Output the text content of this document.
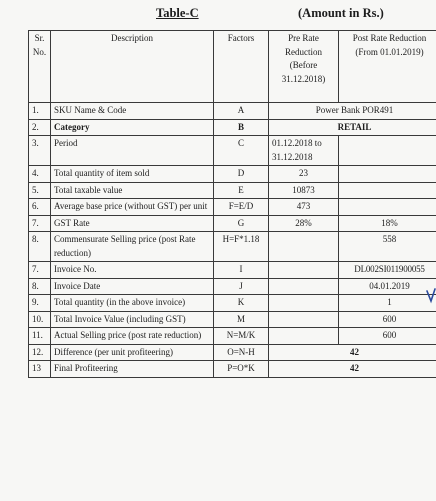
Table-C	(Amount in Rs.)
Sr. No.	Description	Factors	Pre Rate Reduction (Before 31.12.2018)	Post Rate Reduction (From 01.01.2019)
1.	SKU Name & Code	A	Power Bank POR491	
2.	Category	B	RETAIL	
3.	Period	C	01.12.2018 to 31.12.2018	
4.	Total quantity of item sold	D	23	
5.	Total taxable value	E	10873	
6.	Average base price (without GST) per unit	F=E/D	473	
7.	GST Rate	G	28%	18%
8.	Commensurate Selling price (post Rate reduction)	H=F*1.18		558
7.	Invoice No.	I		DL002SI011900055
8.	Invoice Date	J		04.01.2019
9.	Total quantity (in the above invoice)	K		1
10.	Total Invoice Value (including GST)	M		600
11.	Actual Selling price (post rate reduction)	N=M/K		600
12.	Difference (per unit profiteering)	O=N-H	42	
13	Final Profiteering	P=O*K	42	
